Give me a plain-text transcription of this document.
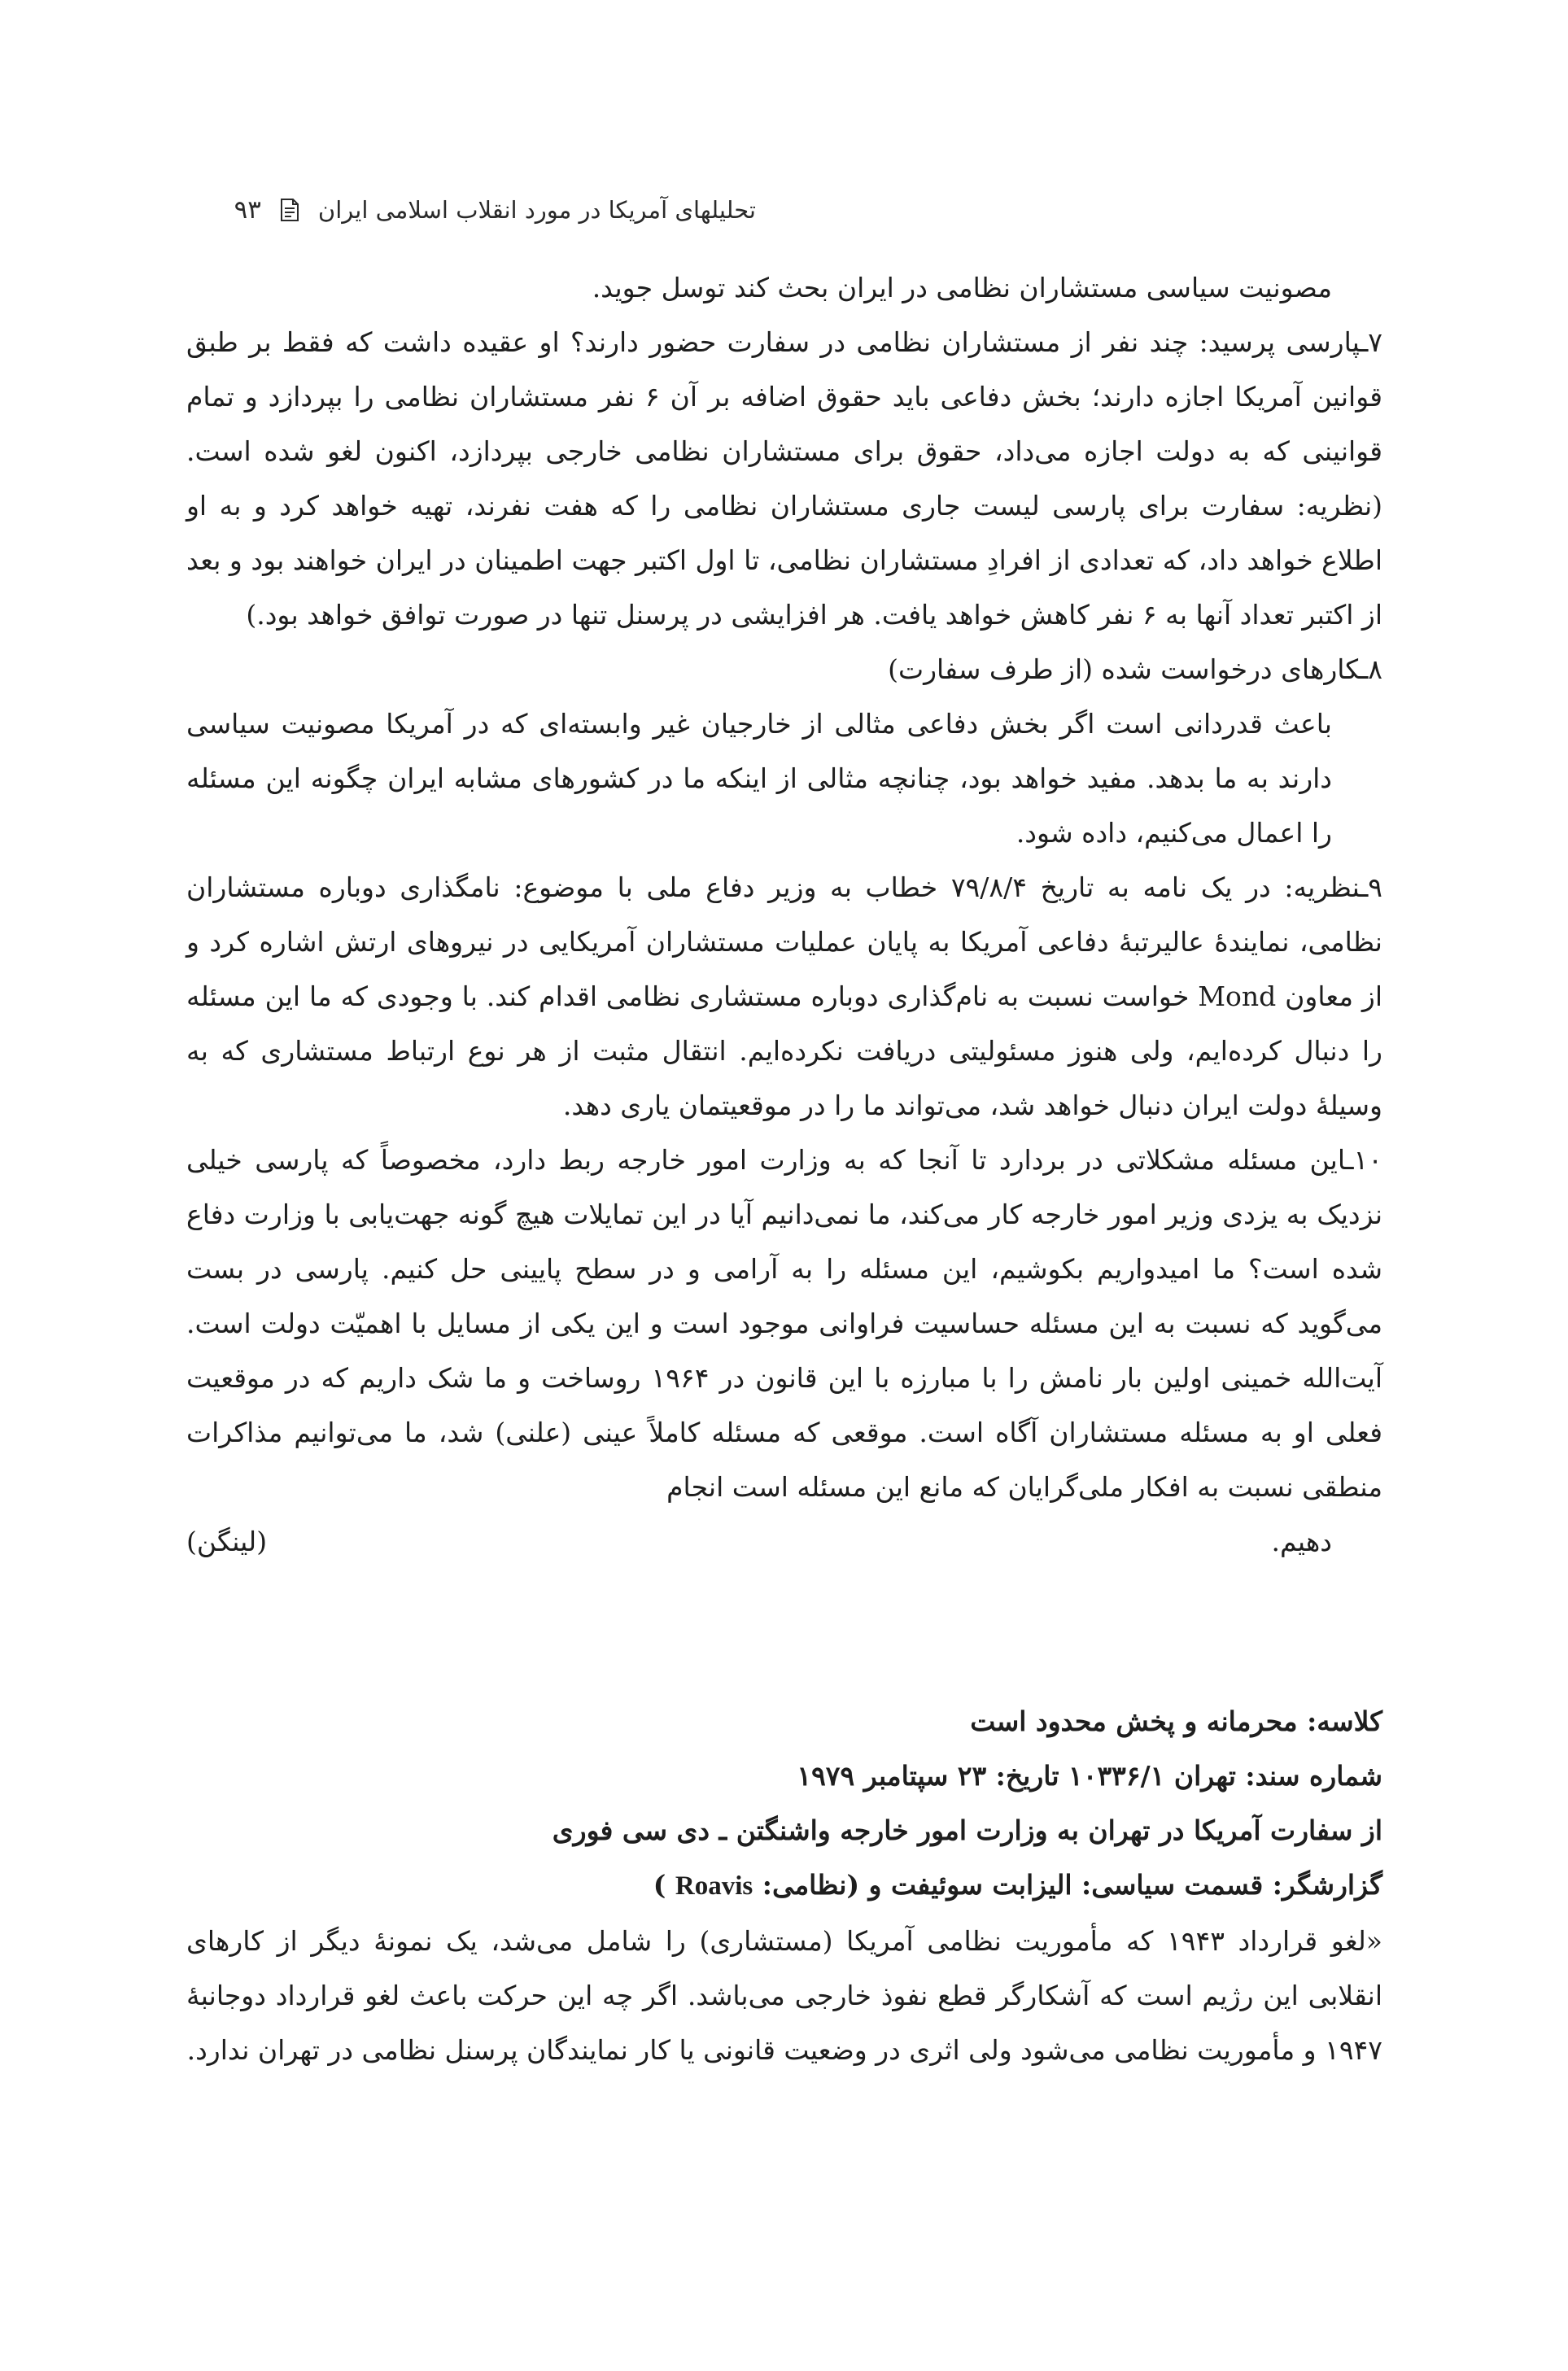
تحلیلهای آمریکا در مورد انقلاب اسلامی ایران
۹۳

مصونیت سیاسی مستشاران نظامی در ایران بحث کند توسل جوید.

۷ـپارسی پرسید: چند نفر از مستشاران نظامی در سفارت حضور دارند؟ او عقیده داشت که فقط بر طبق قوانین آمریکا اجازه دارند؛ بخش دفاعی باید حقوق اضافه بر آن ۶ نفر مستشاران نظامی را بپردازد و تمام قوانینی که به دولت اجازه می‌داد، حقوق برای مستشاران نظامی خارجی بپردازد، اکنون لغو شده است. (نظریه: سفارت برای پارسی لیست جاری مستشاران نظامی را که هفت نفرند، تهیه خواهد کرد و به او اطلاع خواهد داد، که تعدادی از افرادِ مستشاران نظامی، تا اول اکتبر جهت اطمینان در ایران خواهند بود و بعد از اکتبر تعداد آنها به ۶ نفر کاهش خواهد یافت. هر افزایشی در پرسنل تنها در صورت توافق خواهد بود.)

۸ـکارهای درخواست شده (از طرف سفارت)

باعث قدردانی است اگر بخش دفاعی مثالی از خارجیان غیر وابسته‌ای که در آمریکا مصونیت سیاسی دارند به ما بدهد. مفید خواهد بود، چنانچه مثالی از اینکه ما در کشورهای مشابه ایران چگونه این مسئله را اعمال می‌کنیم، داده شود.

۹ـنظریه: در یک نامه به تاریخ ۷۹/۸/۴ خطاب به وزیر دفاع ملی با موضوع: نامگذاری دوباره مستشاران نظامی، نمایندهٔ عالیرتبهٔ دفاعی آمریکا به پایان عملیات مستشاران آمریکایی در نیروهای ارتش اشاره کرد و از معاون Mond خواست نسبت به نام‌گذاری دوباره مستشاری نظامی اقدام کند. با وجودی که ما این مسئله را دنبال کرده‌ایم، ولی هنوز مسئولیتی دریافت نکرده‌ایم. انتقال مثبت از هر نوع ارتباط مستشاری که به وسیلهٔ دولت ایران دنبال خواهد شد، می‌تواند ما را در موقعیتمان یاری دهد.

۱۰ـاین مسئله مشکلاتی در بردارد تا آنجا که به وزارت امور خارجه ربط دارد، مخصوصاً که پارسی خیلی نزدیک به یزدی وزیر امور خارجه کار می‌کند، ما نمی‌دانیم آیا در این تمایلات هیچ گونه جهت‌یابی با وزارت دفاع شده است؟ ما امیدواریم بکوشیم، این مسئله را به آرامی و در سطح پایینی حل کنیم. پارسی در بست می‌گوید که نسبت به این مسئله حساسیت فراوانی موجود است و این یکی از مسایل با اهمیّت دولت است. آیت‌الله خمینی اولین بار نامش را با مبارزه با این قانون در ۱۹۶۴ روساخت و ما شک داریم که در موقعیت فعلی او به مسئله مستشاران آگاه است. موقعی که مسئله کاملاً عینی (علنی) شد، ما می‌توانیم مذاکرات منطقی نسبت به افکار ملی‌گرایان که مانع این مسئله است انجام

دهیم.
(لینگن)

کلاسه: محرمانه و پخش محدود است

شماره سند: تهران ۱۰۳۳۶/۱ تاریخ: ۲۳ سپتامبر ۱۹۷۹

از سفارت آمریکا در تهران به وزارت امور خارجه واشنگتن ـ دی سی فوری

گزارشگر: قسمت سیاسی: الیزابت سوئیفت و (نظامی: Roavis )

«لغو قرارداد ۱۹۴۳ که مأموریت نظامی آمریکا (مستشاری) را شامل می‌شد، یک نمونهٔ دیگر از کارهای انقلابی این رژیم است که آشکارگر قطع نفوذ خارجی می‌باشد. اگر چه این حرکت باعث لغو قرارداد دوجانبهٔ ۱۹۴۷ و مأموریت نظامی می‌شود ولی اثری در وضعیت قانونی یا کار نمایندگان پرسنل نظامی در تهران ندارد.
